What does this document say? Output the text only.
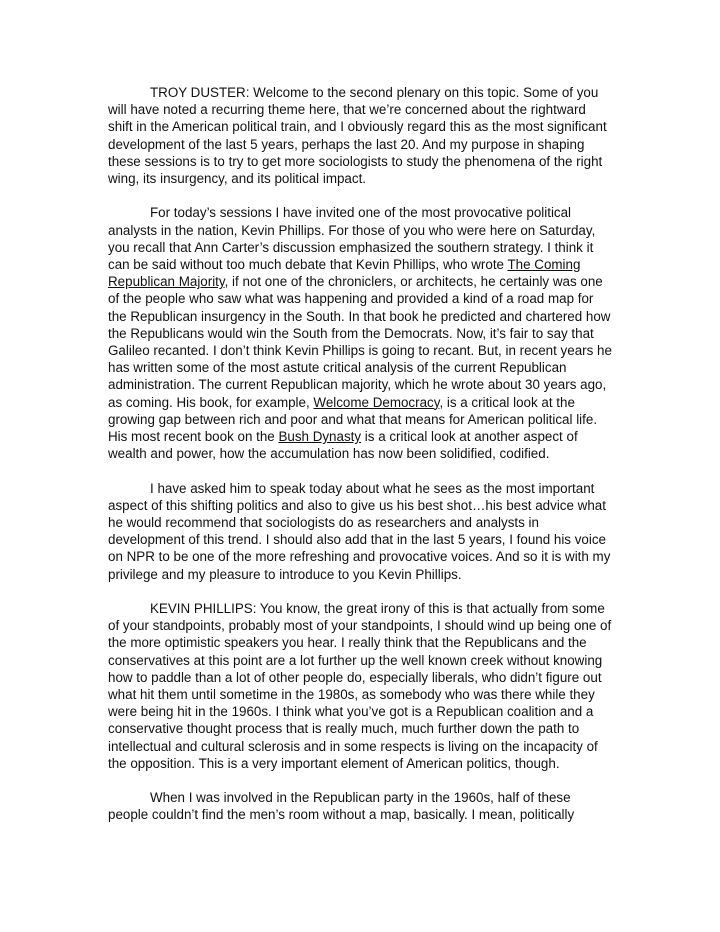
TROY DUSTER: Welcome to the second plenary on this topic. Some of you will have noted a recurring theme here, that we’re concerned about the rightward shift in the American political train, and I obviously regard this as the most significant development of the last 5 years, perhaps the last 20. And my purpose in shaping these sessions is to try to get more sociologists to study the phenomena of the right wing, its insurgency, and its political impact.

For today’s sessions I have invited one of the most provocative political analysts in the nation, Kevin Phillips. For those of you who were here on Saturday, you recall that Ann Carter’s discussion emphasized the southern strategy. I think it can be said without too much debate that Kevin Phillips, who wrote The Coming Republican Majority, if not one of the chroniclers, or architects, he certainly was one of the people who saw what was happening and provided a kind of a road map for the Republican insurgency in the South. In that book he predicted and chartered how the Republicans would win the South from the Democrats. Now, it’s fair to say that Galileo recanted. I don’t think Kevin Phillips is going to recant. But, in recent years he has written some of the most astute critical analysis of the current Republican administration. The current Republican majority, which he wrote about 30 years ago, as coming. His book, for example, Welcome Democracy, is a critical look at the growing gap between rich and poor and what that means for American political life. His most recent book on the Bush Dynasty is a critical look at another aspect of wealth and power, how the accumulation has now been solidified, codified.

I have asked him to speak today about what he sees as the most important aspect of this shifting politics and also to give us his best shot…his best advice what he would recommend that sociologists do as researchers and analysts in development of this trend. I should also add that in the last 5 years, I found his voice on NPR to be one of the more refreshing and provocative voices. And so it is with my privilege and my pleasure to introduce to you Kevin Phillips.

KEVIN PHILLIPS: You know, the great irony of this is that actually from some of your standpoints, probably most of your standpoints, I should wind up being one of the more optimistic speakers you hear. I really think that the Republicans and the conservatives at this point are a lot further up the well known creek without knowing how to paddle than a lot of other people do, especially liberals, who didn’t figure out what hit them until sometime in the 1980s, as somebody who was there while they were being hit in the 1960s. I think what you’ve got is a Republican coalition and a conservative thought process that is really much, much further down the path to intellectual and cultural sclerosis and in some respects is living on the incapacity of the opposition. This is a very important element of American politics, though.

When I was involved in the Republican party in the 1960s, half of these people couldn’t find the men’s room without a map, basically. I mean, politically
